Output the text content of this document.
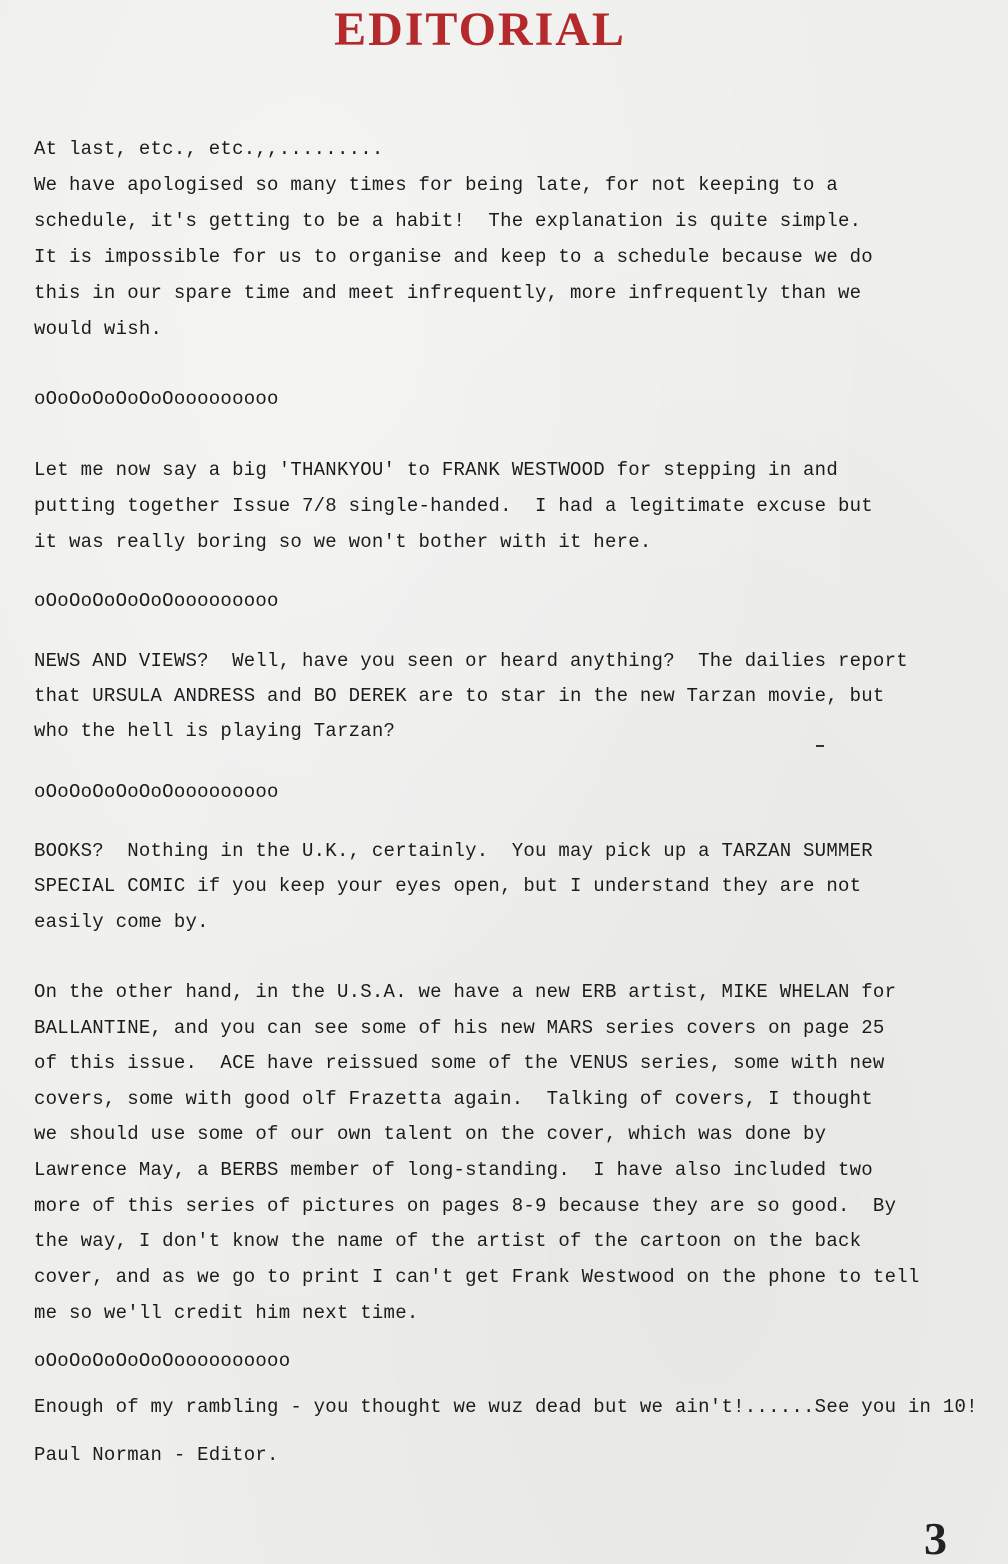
EDITORIAL
At last, etc., etc.,,.........
We have apologised so many times for being late, for not keeping to a
schedule, it's getting to be a habit!  The explanation is quite simple.
It is impossible for us to organise and keep to a schedule because we do
this in our spare time and meet infrequently, more infrequently than we
would wish.
oOoOoOoOoOoOooooooooo
Let me now say a big 'THANKYOU' to FRANK WESTWOOD for stepping in and
putting together Issue 7/8 single-handed.  I had a legitimate excuse but
it was really boring so we won't bother with it here.
oOoOoOoOoOoOooooooooo
NEWS AND VIEWS?  Well, have you seen or heard anything?  The dailies report
that URSULA ANDRESS and BO DEREK are to star in the new Tarzan movie, but
who the hell is playing Tarzan?
oOoOoOoOoOoOooooooooo
BOOKS?  Nothing in the U.K., certainly.  You may pick up a TARZAN SUMMER
SPECIAL COMIC if you keep your eyes open, but I understand they are not
easily come by.
On the other hand, in the U.S.A. we have a new ERB artist, MIKE WHELAN for
BALLANTINE, and you can see some of his new MARS series covers on page 25
of this issue.  ACE have reissued some of the VENUS series, some with new
covers, some with good olf Frazetta again.  Talking of covers, I thought
we should use some of our own talent on the cover, which was done by
Lawrence May, a BERBS member of long-standing.  I have also included two
more of this series of pictures on pages 8-9 because they are so good.  By
the way, I don't know the name of the artist of the cartoon on the back
cover, and as we go to print I can't get Frank Westwood on the phone to tell
me so we'll credit him next time.
oOoOoOoOoOoOoooooooooo
Enough of my rambling - you thought we wuz dead but we ain't!......See you in 10!
Paul Norman - Editor.
3
